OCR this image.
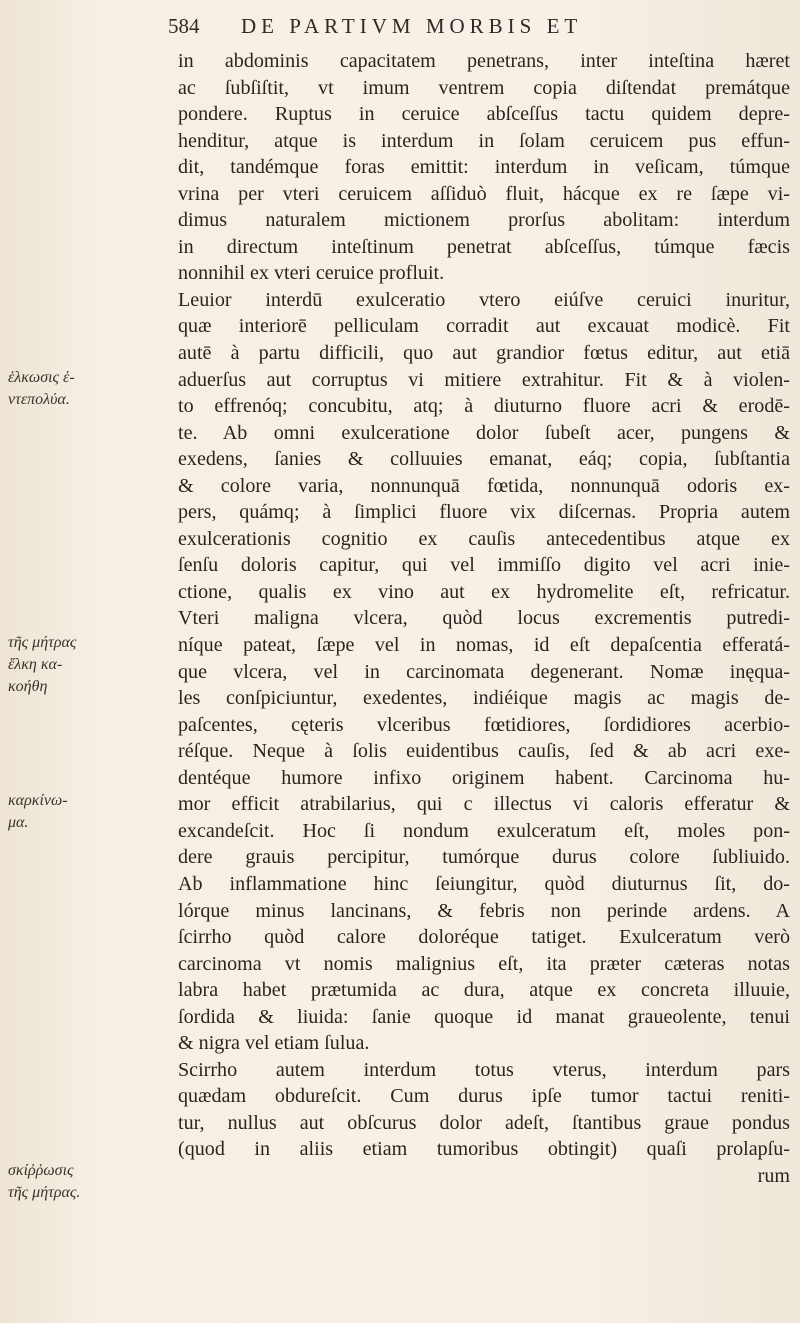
584 DE PARTIVM MORBIS ET
ἑλκωσις ἑ-
ντεπολύα.
τῆς μήτρας
ἕλκη κα-
κοήθη
καρκίνω-
μα.
σκίῤῥωσις
τῆς μήτρας.
in abdominis capacitatem penetrans, inter inteſtina hæret
ac ſubſiſtit, vt imum ventrem copia diſtendat premátque
pondere. Ruptus in ceruice abſceſſus tactu quidem depre-
henditur, atque is interdum in ſolam ceruicem pus effun-
dit, tandémque foras emittit: interdum in veſicam, túmque
vrina per vteri ceruicem aſſiduò fluit, hácque ex re ſæpe vi-
dimus naturalem mictionem prorſus abolitam: interdum
in directum inteſtinum penetrat abſceſſus, túmque fæcis
nonnihil ex vteri ceruice profluit.
Leuior interdū exulceratio vtero eiúſve ceruici inuritur,
quæ interiorē pelliculam corradit aut excauat modicè. Fit
autē à partu difficili, quo aut grandior fœtus editur, aut etiā
aduerſus aut corruptus vi mitiere extrahitur. Fit & à violen-
to effrenóq; concubitu, atq; à diuturno fluore acri & erodē-
te. Ab omni exulceratione dolor ſubeſt acer, pungens &
exedens, ſanies & colluuies emanat, eáq; copia, ſubſtantia
& colore varia, nonnunquā fœtida, nonnunquā odoris ex-
pers, quámq; à ſimplici fluore vix diſcernas. Propria autem
exulcerationis cognitio ex cauſis antecedentibus atque ex
ſenſu doloris capitur, qui vel immiſſo digito vel acri inie-
ctione, qualis ex vino aut ex hydromelite eſt, refricatur.
Vteri maligna vlcera, quòd locus excrementis putredi-
níque pateat, ſæpe vel in nomas, id eſt depaſcentia efferatá-
que vlcera, vel in carcinomata degenerant. Nomæ inęqua-
les conſpiciuntur, exedentes, indiéique magis ac magis de-
paſcentes, cęteris vlceribus fœtidiores, ſordidiores acerbio-
réſque. Neque à ſolis euidentibus cauſis, ſed & ab acri exe-
dentéque humore infixo originem habent. Carcinoma hu-
mor efficit atrabilarius, qui c illectus vi caloris efferatur &
excandeſcit. Hoc ſi nondum exulceratum eſt, moles pon-
dere grauis percipitur, tumórque durus colore ſubliuido.
Ab inflammatione hinc ſeiungitur, quòd diuturnus ſit, do-
lórque minus lancinans, & febris non perinde ardens. A
ſcirrho quòd calore doloréque tatiget. Exulceratum verò
carcinoma vt nomis malignius eſt, ita præter cæteras notas
labra habet prætumida ac dura, atque ex concreta illuuie,
ſordida & liuida: ſanie quoque id manat graueolente, tenui
& nigra vel etiam ſulua.
Scirrho autem interdum totus vterus, interdum pars
quædam obdureſcit. Cum durus ipſe tumor tactui reniti-
tur, nullus aut obſcurus dolor adeſt, ſtantibus graue pondus
(quod in aliis etiam tumoribus obtingit) quaſi prolapſu-
rum
